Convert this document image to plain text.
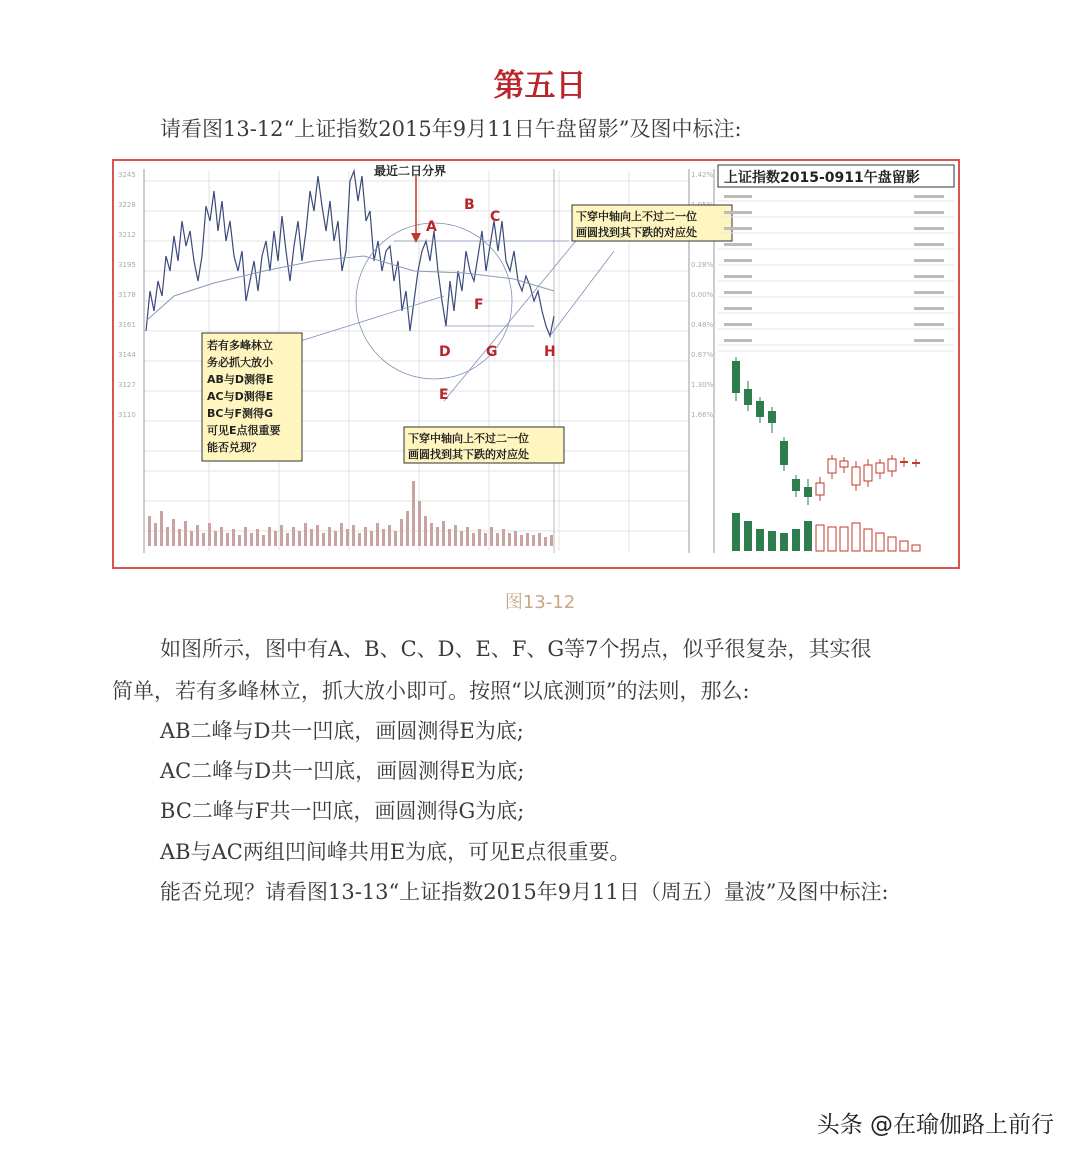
第五日
请看图13-12“上证指数2015年9月11日午盘留影”及图中标注:
3245
3228
3212
3195
3178
3161
3144
3127
3110
1.42%
0.28%
0.00%
0.48%
0.87%
1.30%
1.66%
最近二日分界
A
B
C
D
E
F
G	H
下穿中轴向上不过二一位
画圆找到其下跌的对应处
下穿中轴向上不过二一位
画圆找到其下跌的对应处
若有多峰林立
务必抓大放小
AB与D测得E
AC与D测得E
BC与F测得G
可见E点很重要
能否兑现？
上证指数2015-0911午盘留影
图13-12
如图所示，图中有A、B、C、D、E、F、G等7个拐点，似乎很复杂，其实很
简单，若有多峰林立，抓大放小即可。按照“以底测顶”的法则，那么:
AB二峰与D共一凹底，画圆测得E为底;
AC二峰与D共一凹底，画圆测得E为底;
BC二峰与F共一凹底，画圆测得G为底;
AB与AC两组凹间峰共用E为底，可见E点很重要。
能否兑现？请看图13-13“上证指数2015年9月11日（周五）量波”及图中标注:
头条 @在瑜伽路上前行
